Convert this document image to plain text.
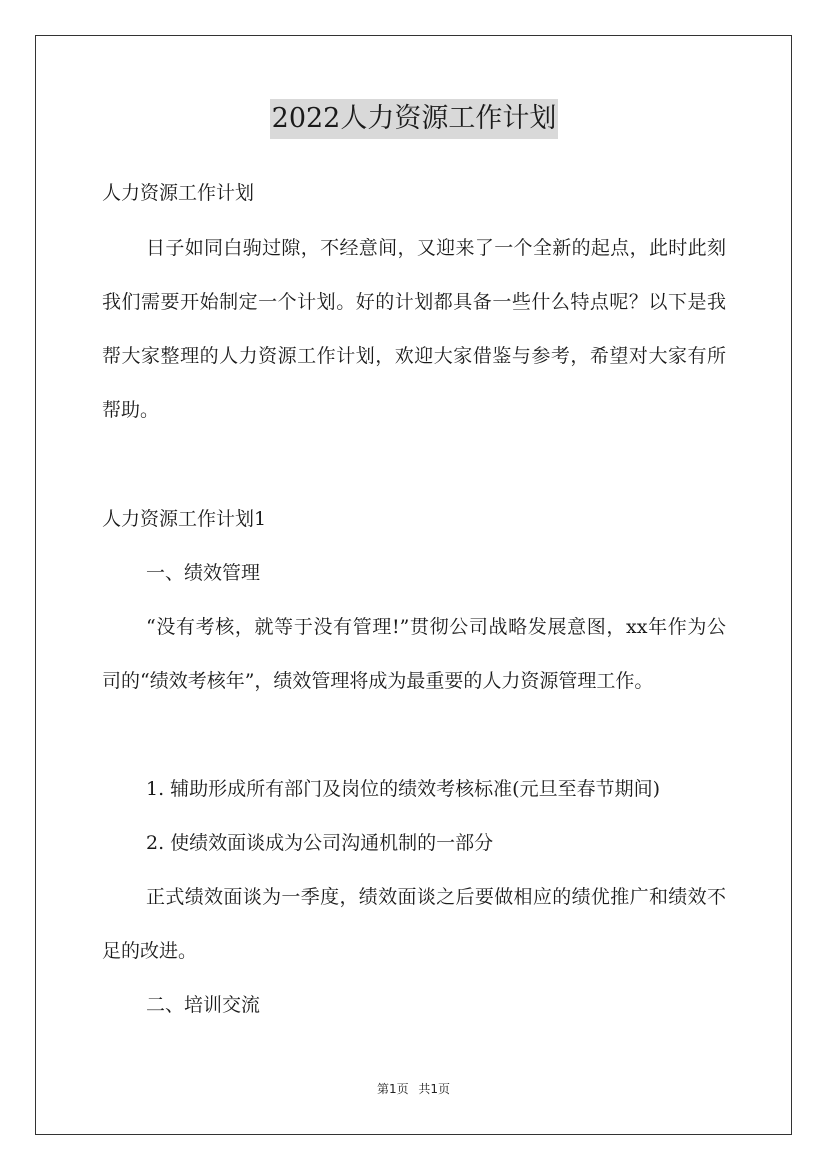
2022人力资源工作计划
人力资源工作计划
日子如同白驹过隙，不经意间，又迎来了一个全新的起点，此时此刻我们需要开始制定一个计划。好的计划都具备一些什么特点呢？以下是我帮大家整理的人力资源工作计划，欢迎大家借鉴与参考，希望对大家有所帮助。
人力资源工作计划1
一、绩效管理
“没有考核，就等于没有管理!”贯彻公司战略发展意图，xx年作为公司的“绩效考核年”，绩效管理将成为最重要的人力资源管理工作。
1. 辅助形成所有部门及岗位的绩效考核标准(元旦至春节期间)
2. 使绩效面谈成为公司沟通机制的一部分
正式绩效面谈为一季度，绩效面谈之后要做相应的绩优推广和绩效不足的改进。
二、培训交流
第1页 共1页
